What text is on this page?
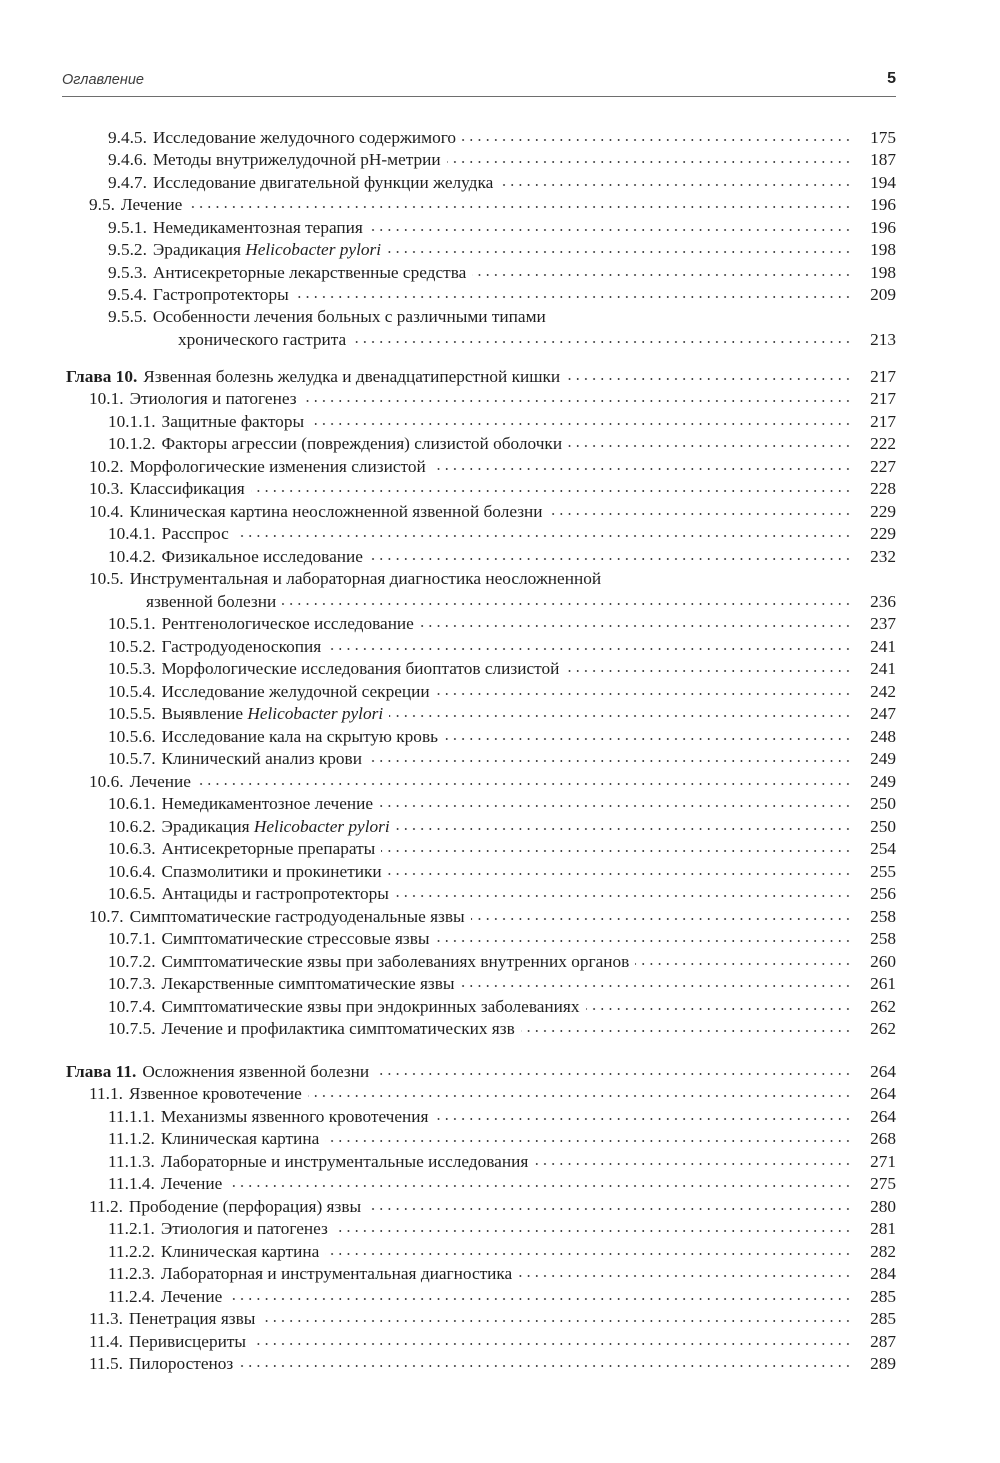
Оглавление	5
9.4.5. Исследование желудочного содержимого	175
9.4.6. Методы внутрижелудочной рН-метрии	187
9.4.7. Исследование двигательной функции желудка	194
9.5. Лечение	196
9.5.1. Немедикаментозная терапия	196
9.5.2. Эрадикация Helicobacter pylori	198
9.5.3. Антисекреторные лекарственные средства	198
9.5.4. Гастропротекторы	209
9.5.5. Особенности лечения больных с различными типами
хронического гастрита	213
Глава 10. Язвенная болезнь желудка и двенадцатиперстной кишки	217
10.1. Этиология и патогенез	217
10.1.1. Защитные факторы	217
10.1.2. Факторы агрессии (повреждения) слизистой оболочки	222
10.2. Морфологические изменения слизистой	227
10.3. Классификация	228
10.4. Клиническая картина неосложненной язвенной болезни	229
10.4.1. Расспрос	229
10.4.2. Физикальное исследование	232
10.5. Инструментальная и лабораторная диагностика неосложненной
язвенной болезни	236
10.5.1. Рентгенологическое исследование	237
10.5.2. Гастродуоденоскопия	241
10.5.3. Морфологические исследования биоптатов слизистой	241
10.5.4. Исследование желудочной секреции	242
10.5.5. Выявление Helicobacter pylori	247
10.5.6. Исследование кала на скрытую кровь	248
10.5.7. Клинический анализ крови	249
10.6. Лечение	249
10.6.1. Немедикаментозное лечение	250
10.6.2. Эрадикация Helicobacter pylori	250
10.6.3. Антисекреторные препараты	254
10.6.4. Спазмолитики и прокинетики	255
10.6.5. Антациды и гастропротекторы	256
10.7. Симптоматические гастродуоденальные язвы	258
10.7.1. Симптоматические стрессовые язвы	258
10.7.2. Симптоматические язвы при заболеваниях внутренних органов	260
10.7.3. Лекарственные симптоматические язвы	261
10.7.4. Симптоматические язвы при эндокринных заболеваниях	262
10.7.5. Лечение и профилактика симптоматических язв	262
Глава 11. Осложнения язвенной болезни	264
11.1. Язвенное кровотечение	264
11.1.1. Механизмы язвенного кровотечения	264
11.1.2. Клиническая картина	268
11.1.3. Лабораторные и инструментальные исследования	271
11.1.4. Лечение	275
11.2. Прободение (перфорация) язвы	280
11.2.1. Этиология и патогенез	281
11.2.2. Клиническая картина	282
11.2.3. Лабораторная и инструментальная диагностика	284
11.2.4. Лечение	285
11.3. Пенетрация язвы	285
11.4. Перивисцериты	287
11.5. Пилоростеноз	289
